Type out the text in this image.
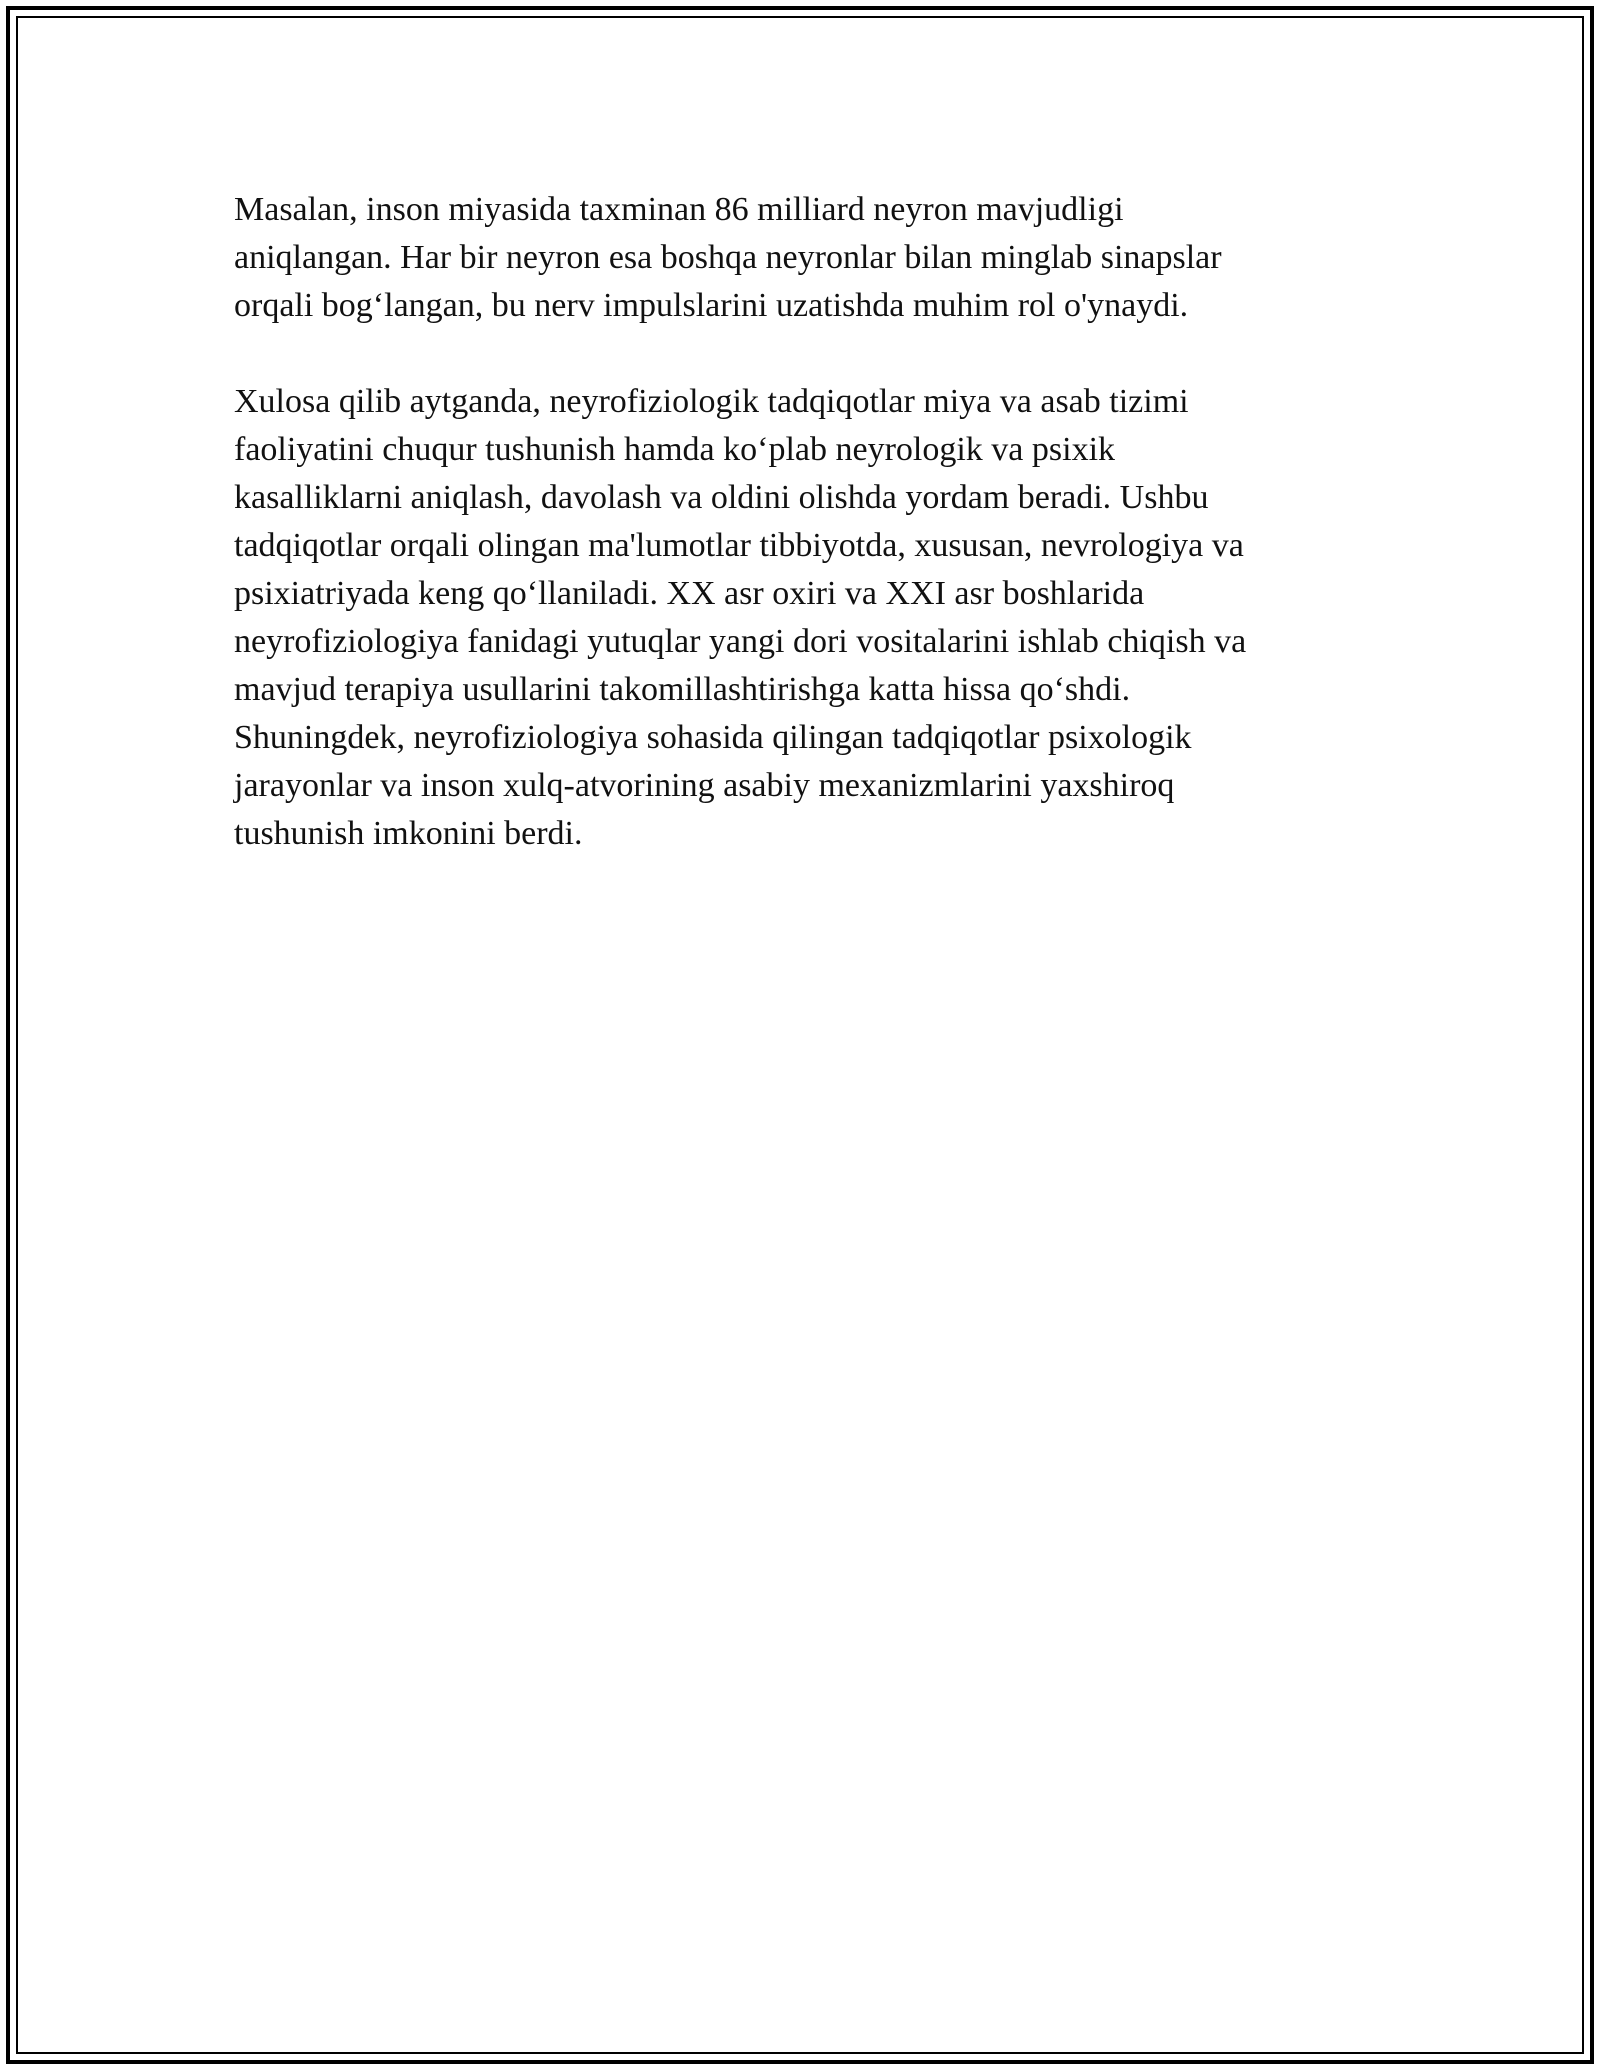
Masalan, inson miyasida taxminan 86 milliard neyron mavjudligi
aniqlangan. Har bir neyron esa boshqa neyronlar bilan minglab sinapslar
orqali bog‘langan, bu nerv impulslarini uzatishda muhim rol o'ynaydi.

Xulosa qilib aytganda, neyrofiziologik tadqiqotlar miya va asab tizimi
faoliyatini chuqur tushunish hamda ko‘plab neyrologik va psixik
kasalliklarni aniqlash, davolash va oldini olishda yordam beradi. Ushbu
tadqiqotlar orqali olingan ma'lumotlar tibbiyotda, xususan, nevrologiya va
psixiatriyada keng qo‘llaniladi. XX asr oxiri va XXI asr boshlarida
neyrofiziologiya fanidagi yutuqlar yangi dori vositalarini ishlab chiqish va
mavjud terapiya usullarini takomillashtirishga katta hissa qo‘shdi.
Shuningdek, neyrofiziologiya sohasida qilingan tadqiqotlar psixologik
jarayonlar va inson xulq-atvorining asabiy mexanizmlarini yaxshiroq
tushunish imkonini berdi.
